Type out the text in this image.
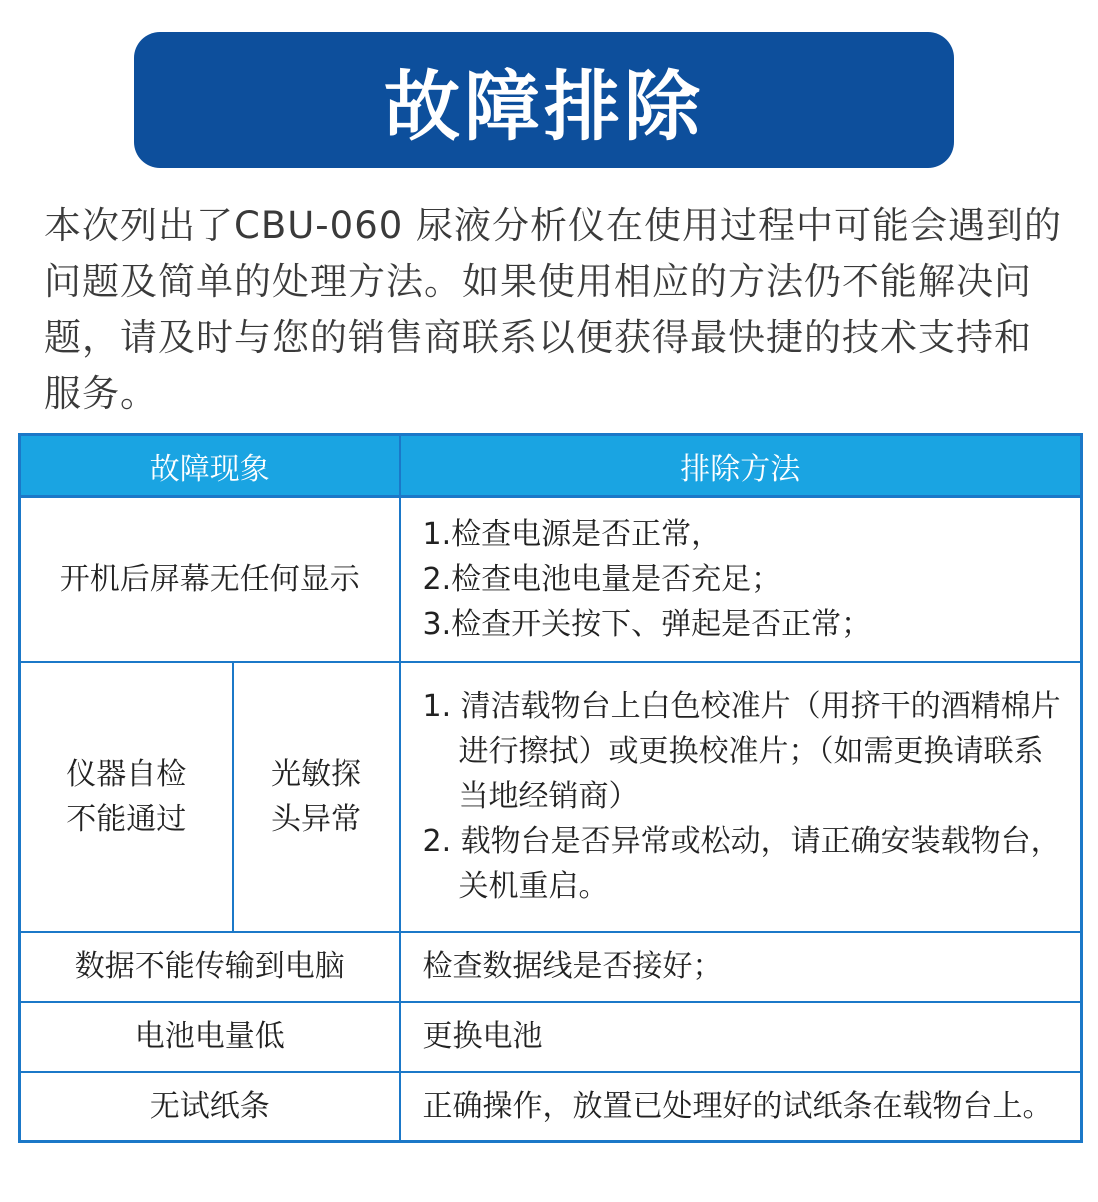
故障排除
本次列出了CBU-060 尿液分析仪在使用过程中可能会遇到的问题及简单的处理方法。如果使用相应的方法仍不能解决问题，请及时与您的销售商联系以便获得最快捷的技术支持和服务。
故障现象		排除方法
开机后屏幕无任何显示		1.检查电源是否正常，
2.检查电池电量是否充足；
3.检查开关按下、弹起是否正常；

仪器自检不能通过	光敏探头异常	1. 清洁载物台上白色校准片（用挤干的酒精棉片进行擦拭）或更换校准片；（如需更换请联系当地经销商）
2. 载物台是否异常或松动，请正确安装载物台，关机重启。

数据不能传输到电脑		检查数据线是否接好；

电池电量低		更换电池

无试纸条		正确操作，放置已处理好的试纸条在载物台上。
